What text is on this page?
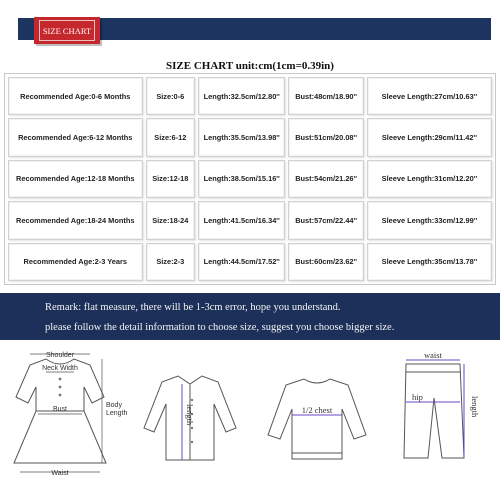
SIZE CHART
SIZE CHART unit:cm(1cm=0.39in)
Recommended Age:0-6 Months	Size:0-6	Length:32.5cm/12.80''	Bust:48cm/18.90''	Sleeve Length:27cm/10.63''
Recommended Age:6-12 Months	Size:6-12	Length:35.5cm/13.98''	Bust:51cm/20.08''	Sleeve Length:29cm/11.42''
Recommended Age:12-18 Months	Size:12-18	Length:38.5cm/15.16''	Bust:54cm/21.26''	Sleeve Length:31cm/12.20''
Recommended Age:18-24 Months	Size:18-24	Length:41.5cm/16.34''	Bust:57cm/22.44''	Sleeve Length:33cm/12.99''
Recommended Age:2-3 Years	Size:2-3	Length:44.5cm/17.52''	Bust:60cm/23.62''	Sleeve Length:35cm/13.78''
Remark: flat measure, there will be 1-3cm error, hope you understand.
please follow the detail information to choose size, suggest you choose bigger size.
Shoulder
Neck Width
Bust
Waist
Body
Length	length	1/2 chest
waist
hip	length
